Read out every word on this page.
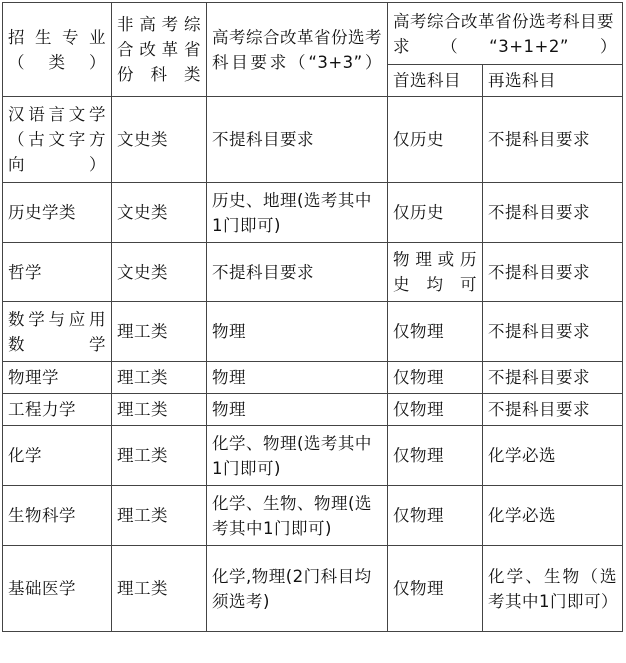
招生专业（类）	非高考综合改革省份科类	高考综合改革省份选考科目要求（“3+3”）	高考综合改革省份选考科目要求（“3+1+2”）	
			首选科目	再选科目
汉语言文学（古文字方向）	文史类	不提科目要求	仅历史	不提科目要求
历史学类	文史类	历史、地理(选考其中1门即可)	仅历史	不提科目要求
哲学	文史类	不提科目要求	物理或历史均可	不提科目要求
数学与应用数学	理工类	物理	仅物理	不提科目要求
物理学	理工类	物理	仅物理	不提科目要求
工程力学	理工类	物理	仅物理	不提科目要求
化学	理工类	化学、物理(选考其中1门即可)	仅物理	化学必选
生物科学	理工类	化学、生物、物理(选考其中1门即可)	仅物理	化学必选
基础医学	理工类	化学,物理(2门科目均须选考)	仅物理	化学、生物（选考其中1门即可）
